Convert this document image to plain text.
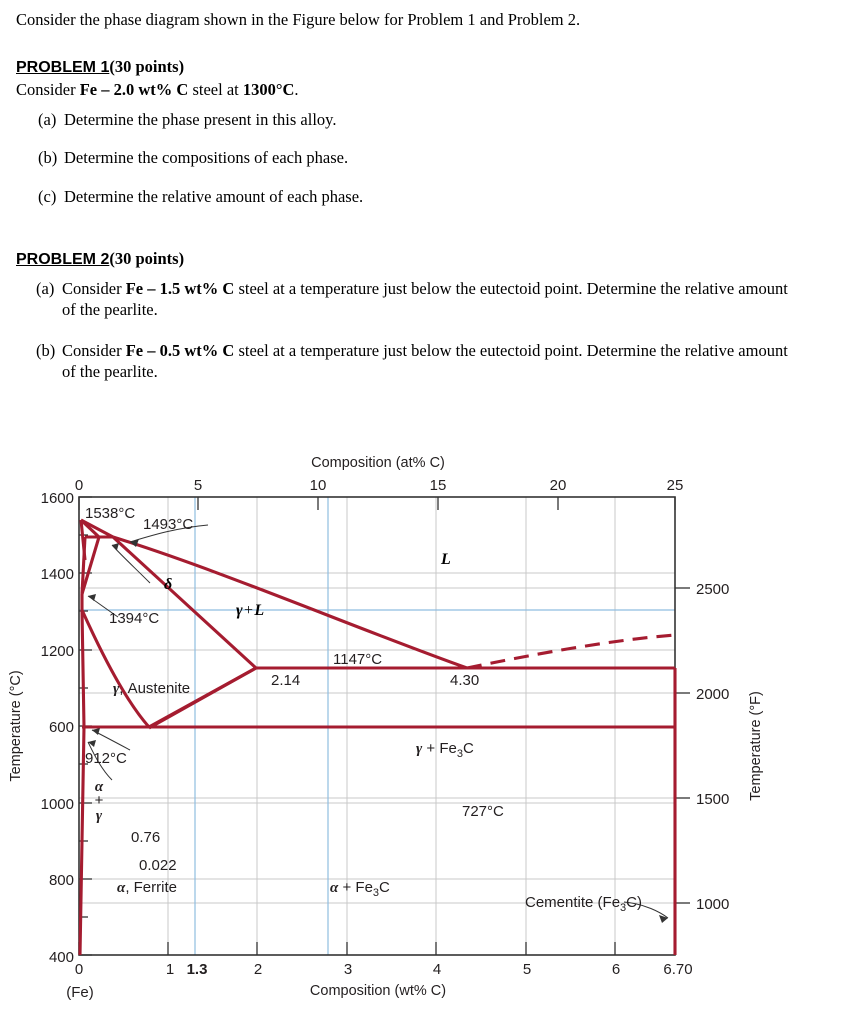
Consider the phase diagram shown in the Figure below for Problem 1 and Problem 2.
PROBLEM 1(30 points)
Consider Fe – 2.0 wt% C steel at 1300°C.
(a) Determine the phase present in this alloy.
(b) Determine the compositions of each phase.
(c) Determine the relative amount of each phase.
PROBLEM 2(30 points)
(a) Consider Fe – 1.5 wt% C steel at a temperature just below the eutectoid point. Determine the relative amount of the pearlite.
(b) Consider Fe – 0.5 wt% C steel at a temperature just below the eutectoid point. Determine the relative amount of the pearlite.
0	5	10	15	20	25
Composition (at% C)
0	1 1.3	2	3	4	5	6	6.70
(Fe)	Composition (wt% C)
1600
1400
1200
1000
800
400
600
Temperature (°C)
2500
2000
1500
1000
Temperature (°F)
1538°C
1493°C
δ
1394°C	γ + L
L
1147°C
2.14	4.30
γ, Austenite
$\gamma + Fe_3C$
912°C
α
+
γ
0.76
727°C
0.022
α, Ferrite	$\alpha + Fe_3C$
Cementite $(Fe_3C)$
